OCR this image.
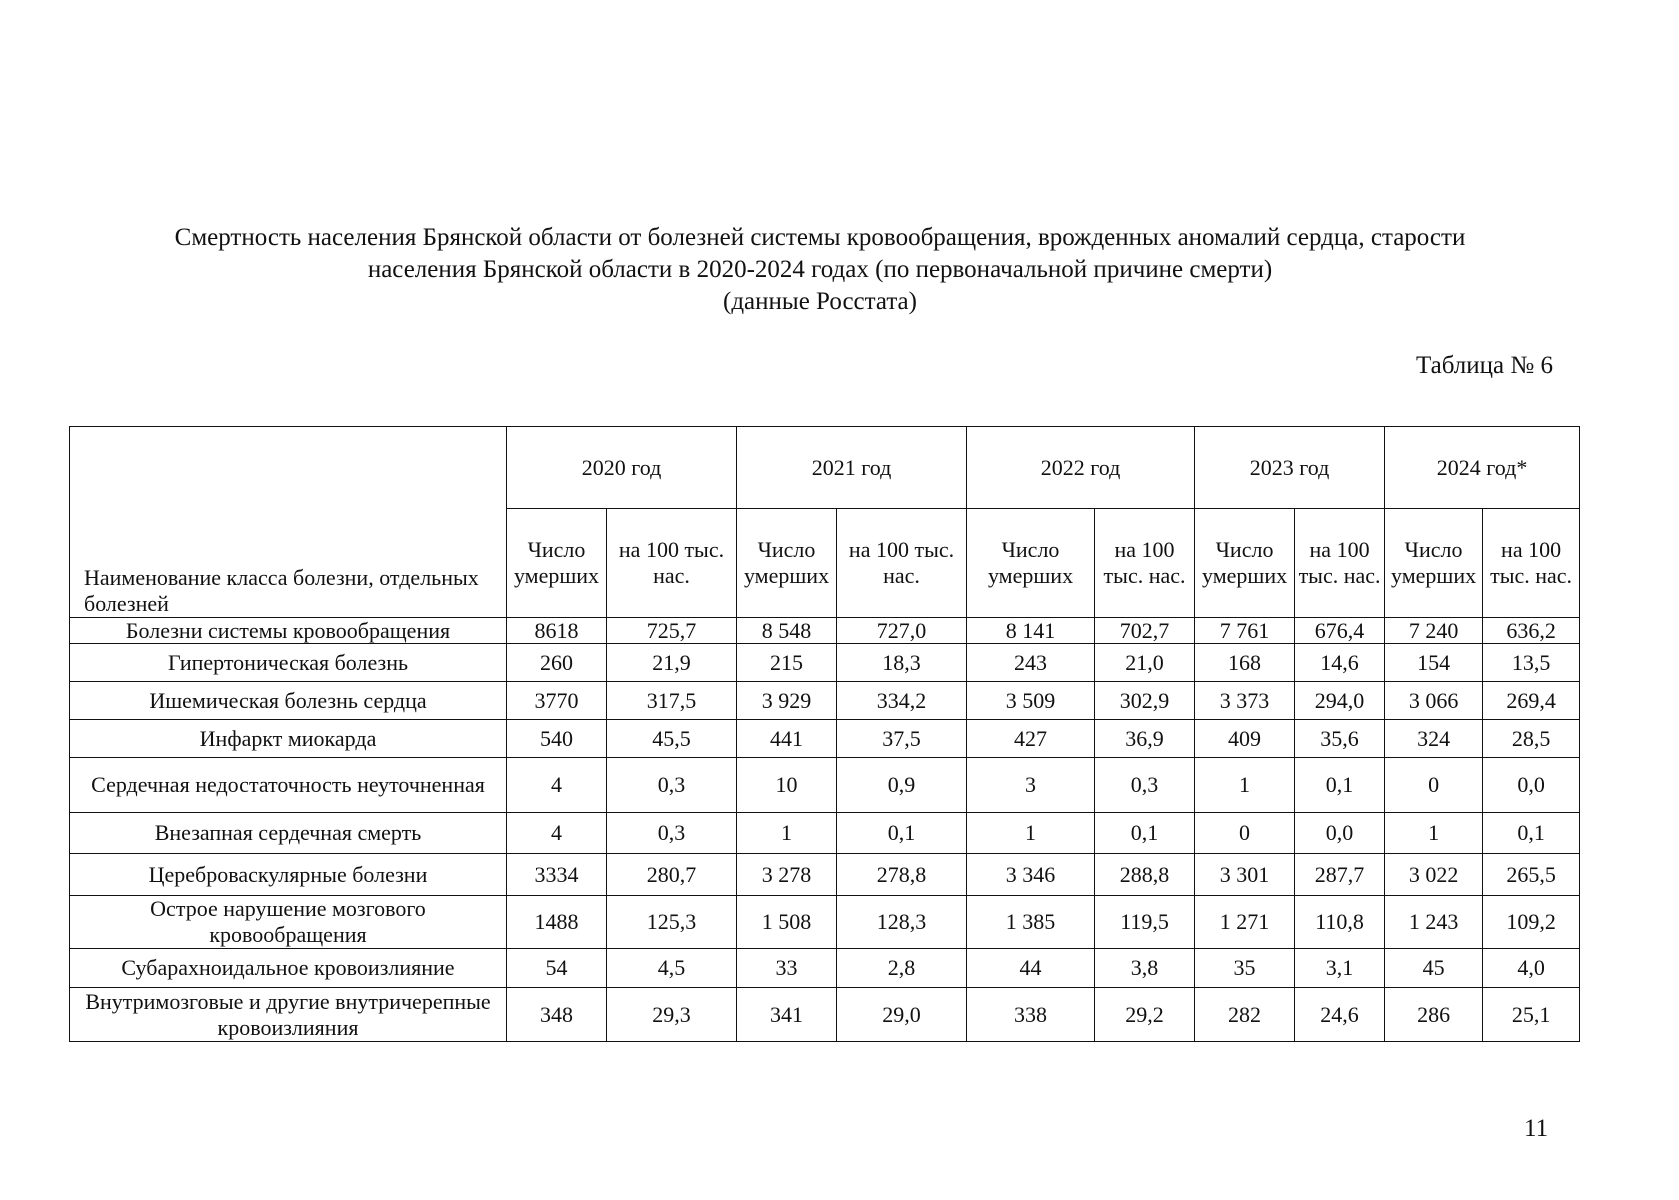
Смертность населения Брянской области от болезней системы кровообращения, врожденных аномалий сердца, старости
населения Брянской области в 2020-2024 годах (по первоначальной причине смерти)
(данные Росстата)
Таблица № 6
Наименование класса болезни, отдельных болезней	2020 год		2021 год		2022 год		2023 год		2024 год*	
	Число умерших	на 100 тыс. нас.	Число умерших	на 100 тыс. нас.	Число умерших	на 100 тыс. нас.	Число умерших	на 100 тыс. нас.	Число умерших	на 100 тыс. нас.
Болезни системы кровообращения	8618	725,7	8 548	727,0	8 141	702,7	7 761	676,4	7 240	636,2
Гипертоническая болезнь	260	21,9	215	18,3	243	21,0	168	14,6	154	13,5
Ишемическая болезнь сердца	3770	317,5	3 929	334,2	3 509	302,9	3 373	294,0	3 066	269,4
Инфаркт миокарда	540	45,5	441	37,5	427	36,9	409	35,6	324	28,5
Сердечная недостаточность неуточненная	4	0,3	10	0,9	3	0,3	1	0,1	0	0,0
Внезапная сердечная смерть	4	0,3	1	0,1	1	0,1	0	0,0	1	0,1
Цереброваскулярные болезни	3334	280,7	3 278	278,8	3 346	288,8	3 301	287,7	3 022	265,5
Острое нарушение мозгового кровообращения	1488	125,3	1 508	128,3	1 385	119,5	1 271	110,8	1 243	109,2
Субарахноидальное кровоизлияние	54	4,5	33	2,8	44	3,8	35	3,1	45	4,0
Внутримозговые и другие внутричерепные кровоизлияния	348	29,3	341	29,0	338	29,2	282	24,6	286	25,1
11
